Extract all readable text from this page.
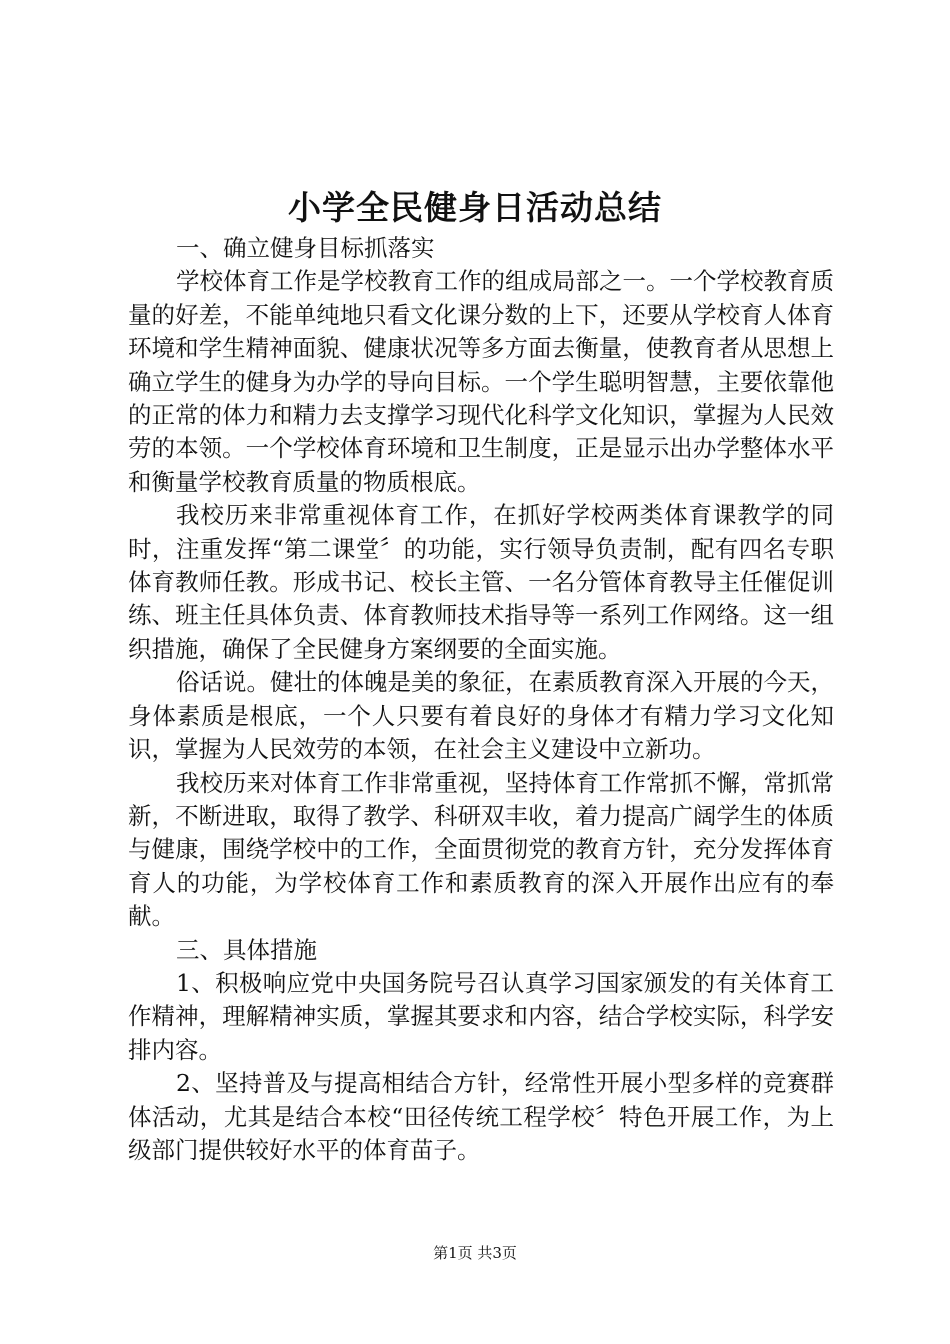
小学全民健身日活动总结

一、确立健身目标抓落实

学校体育工作是学校教育工作的组成局部之一。一个学校教育质量的好差，不能单纯地只看文化课分数的上下，还要从学校育人体育环境和学生精神面貌、健康状况等多方面去衡量，使教育者从思想上确立学生的健身为办学的导向目标。一个学生聪明智慧，主要依靠他的正常的体力和精力去支撑学习现代化科学文化知识，掌握为人民效劳的本领。一个学校体育环境和卫生制度，正是显示出办学整体水平和衡量学校教育质量的物质根底。

我校历来非常重视体育工作，在抓好学校两类体育课教学的同时，注重发挥“第二课堂〞的功能，实行领导负责制，配有四名专职体育教师任教。形成书记、校长主管、一名分管体育教导主任催促训练、班主任具体负责、体育教师技术指导等一系列工作网络。这一组织措施，确保了全民健身方案纲要的全面实施。

俗话说。健壮的体魄是美的象征，在素质教育深入开展的今天，身体素质是根底，一个人只要有着良好的身体才有精力学习文化知识，掌握为人民效劳的本领，在社会主义建设中立新功。

我校历来对体育工作非常重视，坚持体育工作常抓不懈，常抓常新，不断进取，取得了教学、科研双丰收，着力提高广阔学生的体质与健康，围绕学校中的工作，全面贯彻党的教育方针，充分发挥体育育人的功能，为学校体育工作和素质教育的深入开展作出应有的奉献。

三、具体措施

1、积极响应党中央国务院号召认真学习国家颁发的有关体育工作精神，理解精神实质，掌握其要求和内容，结合学校实际，科学安排内容。

2、坚持普及与提高相结合方针，经常性开展小型多样的竞赛群体活动，尤其是结合本校“田径传统工程学校〞特色开展工作，为上级部门提供较好水平的体育苗子。

第1页 共3页
